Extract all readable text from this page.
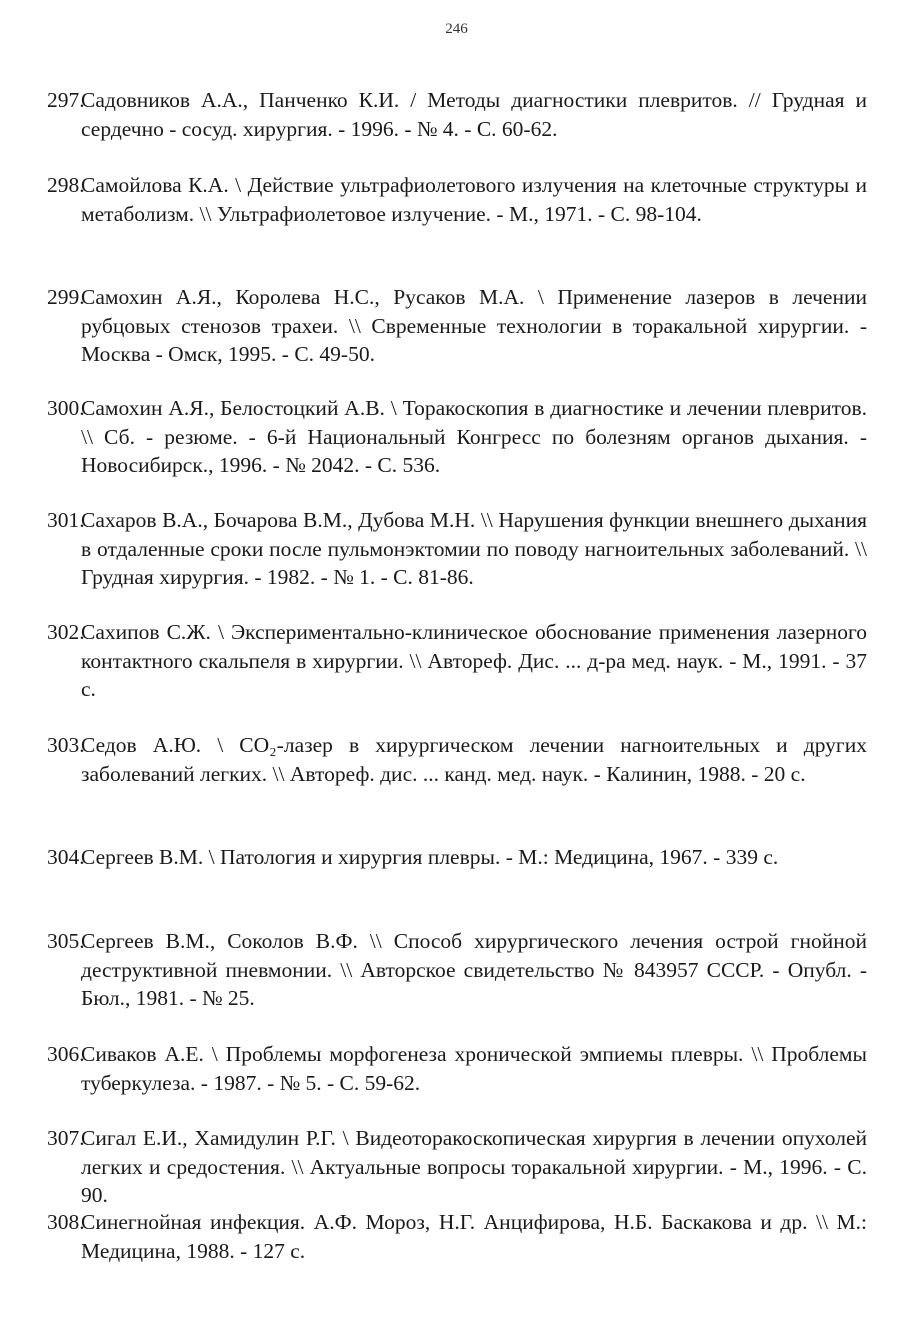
246
297.
Садовников А.А., Панченко К.И. / Методы диагностики плевритов. // Грудная и сердечно - сосуд. хирургия. - 1996. - № 4. - С. 60-62.
298.
Самойлова К.А. \ Действие ультрафиолетового излучения на клеточные структуры и метаболизм. \\ Ультрафиолетовое излучение. - М., 1971. - С. 98-104.
299.
Самохин А.Я., Королева Н.С., Русаков М.А. \ Применение лазеров в лечении рубцовых стенозов трахеи. \\ Свременные технологии в торакальной хирургии. - Москва - Омск, 1995. - С. 49-50.
300.
Самохин А.Я., Белостоцкий А.В. \ Торакоскопия в диагностике и лечении плевритов. \\ Сб. - резюме. - 6-й Национальный Конгресс по болезням органов дыхания. - Новосибирск., 1996. - № 2042. - С. 536.
301.
Сахаров В.А., Бочарова В.М., Дубова М.Н. \\ Нарушения функции внешнего дыхания в отдаленные сроки после пульмонэктомии по поводу нагноительных заболеваний. \\ Грудная хирургия. - 1982. - № 1. - С. 81-86.
302.
Сахипов С.Ж. \ Экспериментально-клиническое обоснование применения лазерного контактного скальпеля в хирургии. \\ Автореф. Дис. ... д-ра мед. наук. - М., 1991. - 37 с.
303.
Седов А.Ю. \ CO₂-лазер в хирургическом лечении нагноительных и других заболеваний легких. \\ Автореф. дис. ... канд. мед. наук. - Калинин, 1988. - 20 с.
304.
Сергеев В.М. \ Патология и хирургия плевры. - М.: Медицина, 1967. - 339 с.
305.
Сергеев В.М., Соколов В.Ф. \\ Способ хирургического лечения острой гнойной деструктивной пневмонии. \\ Авторское свидетельство № 843957 СССР. - Опубл. - Бюл., 1981. - № 25.
306.
Сиваков А.Е. \ Проблемы морфогенеза хронической эмпиемы плевры. \\ Проблемы туберкулеза. - 1987. - № 5. - С. 59-62.
307.
Сигал Е.И., Хамидулин Р.Г. \ Видеоторакоскопическая хирургия в лечении опухолей легких и средостения. \\ Актуальные вопросы торакальной хирургии. - М., 1996. - С. 90.
308.
Синегнойная инфекция. А.Ф. Мороз, Н.Г. Анцифирова, Н.Б. Баскакова и др. \\ М.: Медицина, 1988. - 127 с.
